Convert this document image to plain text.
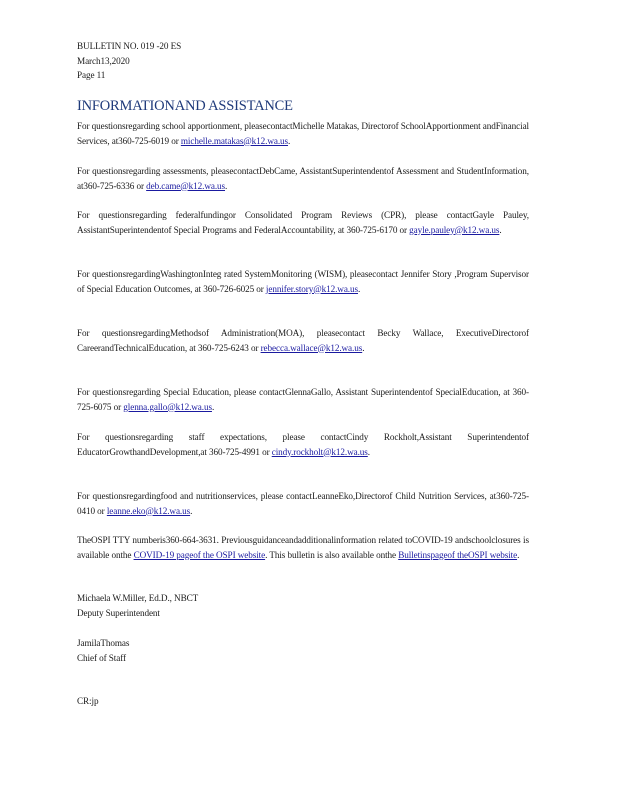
BULLETIN NO. 019 -20 ES
March13,2020
Page 11
INFORMATIONAND ASSISTANCE

For questionsregarding school apportionment, pleasecontactMichelle Matakas, Directorof SchoolApportionment andFinancial Services, at360-725-6019 or michelle.matakas@k12.wa.us.

For questionsregarding assessments, pleasecontactDebCame, AssistantSuperintendentof Assessment and StudentInformation, at360-725-6336 or deb.came@k12.wa.us.

For questionsregarding federalfundingor Consolidated Program Reviews (CPR), please contactGayle Pauley, AssistantSuperintendentof Special Programs and FederalAccountability, at 360-725-6170 or gayle.pauley@k12.wa.us.

For questionsregardingWashingtonInteg rated SystemMonitoring (WISM), pleasecontact Jennifer Story ,Program Supervisor of Special Education Outcomes, at 360-726-6025 or jennifer.story@k12.wa.us.

For questionsregardingMethodsof Administration(MOA), pleasecontact Becky Wallace, ExecutiveDirectorof CareerandTechnicalEducation, at 360-725-6243 or rebecca.wallace@k12.wa.us.

For questionsregarding Special Education, please contactGlennaGallo, Assistant Superintendentof SpecialEducation, at 360-725-6075 or glenna.gallo@k12.wa.us.

For questionsregarding staff expectations, please contactCindy Rockholt,Assistant Superintendentof EducatorGrowthandDevelopment,at 360-725-4991 or cindy.rockholt@k12.wa.us.

For questionsregardingfood and nutritionservices, please contactLeanneEko,Directorof Child Nutrition Services, at360-725-0410 or leanne.eko@k12.wa.us.

TheOSPI TTY numberis360-664-3631. Previousguidanceandadditionalinformation related toCOVID-19 andschoolclosures is available onthe COVID-19 pageof the OSPI website. This bulletin is also available onthe Bulletinspageof theOSPI website.

Michaela W.Miller, Ed.D., NBCT
Deputy Superintendent
JamilaThomas
Chief of Staff
CR:jp
